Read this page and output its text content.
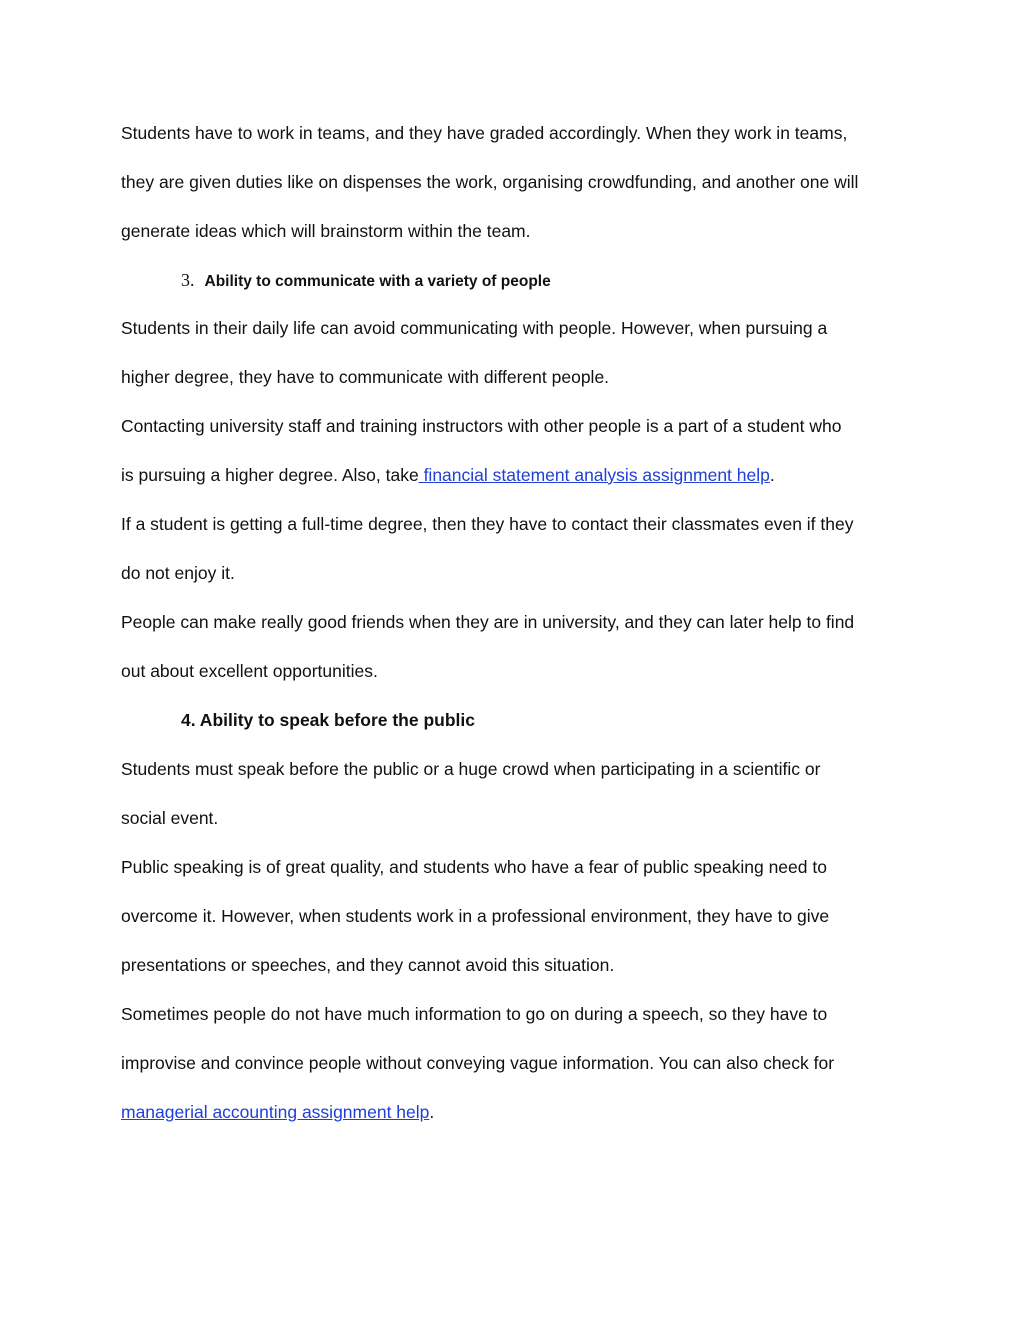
Students have to work in teams, and they have graded accordingly. When they work in teams,
they are given duties like on dispenses the work, organising crowdfunding, and another one will
generate ideas which will brainstorm within the team.
3. Ability to communicate with a variety of people
Students in their daily life can avoid communicating with people. However, when pursuing a
higher degree, they have to communicate with different people.
Contacting university staff and training instructors with other people is a part of a student who
is pursuing a higher degree. Also, take financial statement analysis assignment help.
If a student is getting a full-time degree, then they have to contact their classmates even if they
do not enjoy it.
People can make really good friends when they are in university, and they can later help to find
out about excellent opportunities.
4. Ability to speak before the public
Students must speak before the public or a huge crowd when participating in a scientific or
social event.
Public speaking is of great quality, and students who have a fear of public speaking need to
overcome it. However, when students work in a professional environment, they have to give
presentations or speeches, and they cannot avoid this situation.
Sometimes people do not have much information to go on during a speech, so they have to
improvise and convince people without conveying vague information. You can also check for
managerial accounting assignment help.
